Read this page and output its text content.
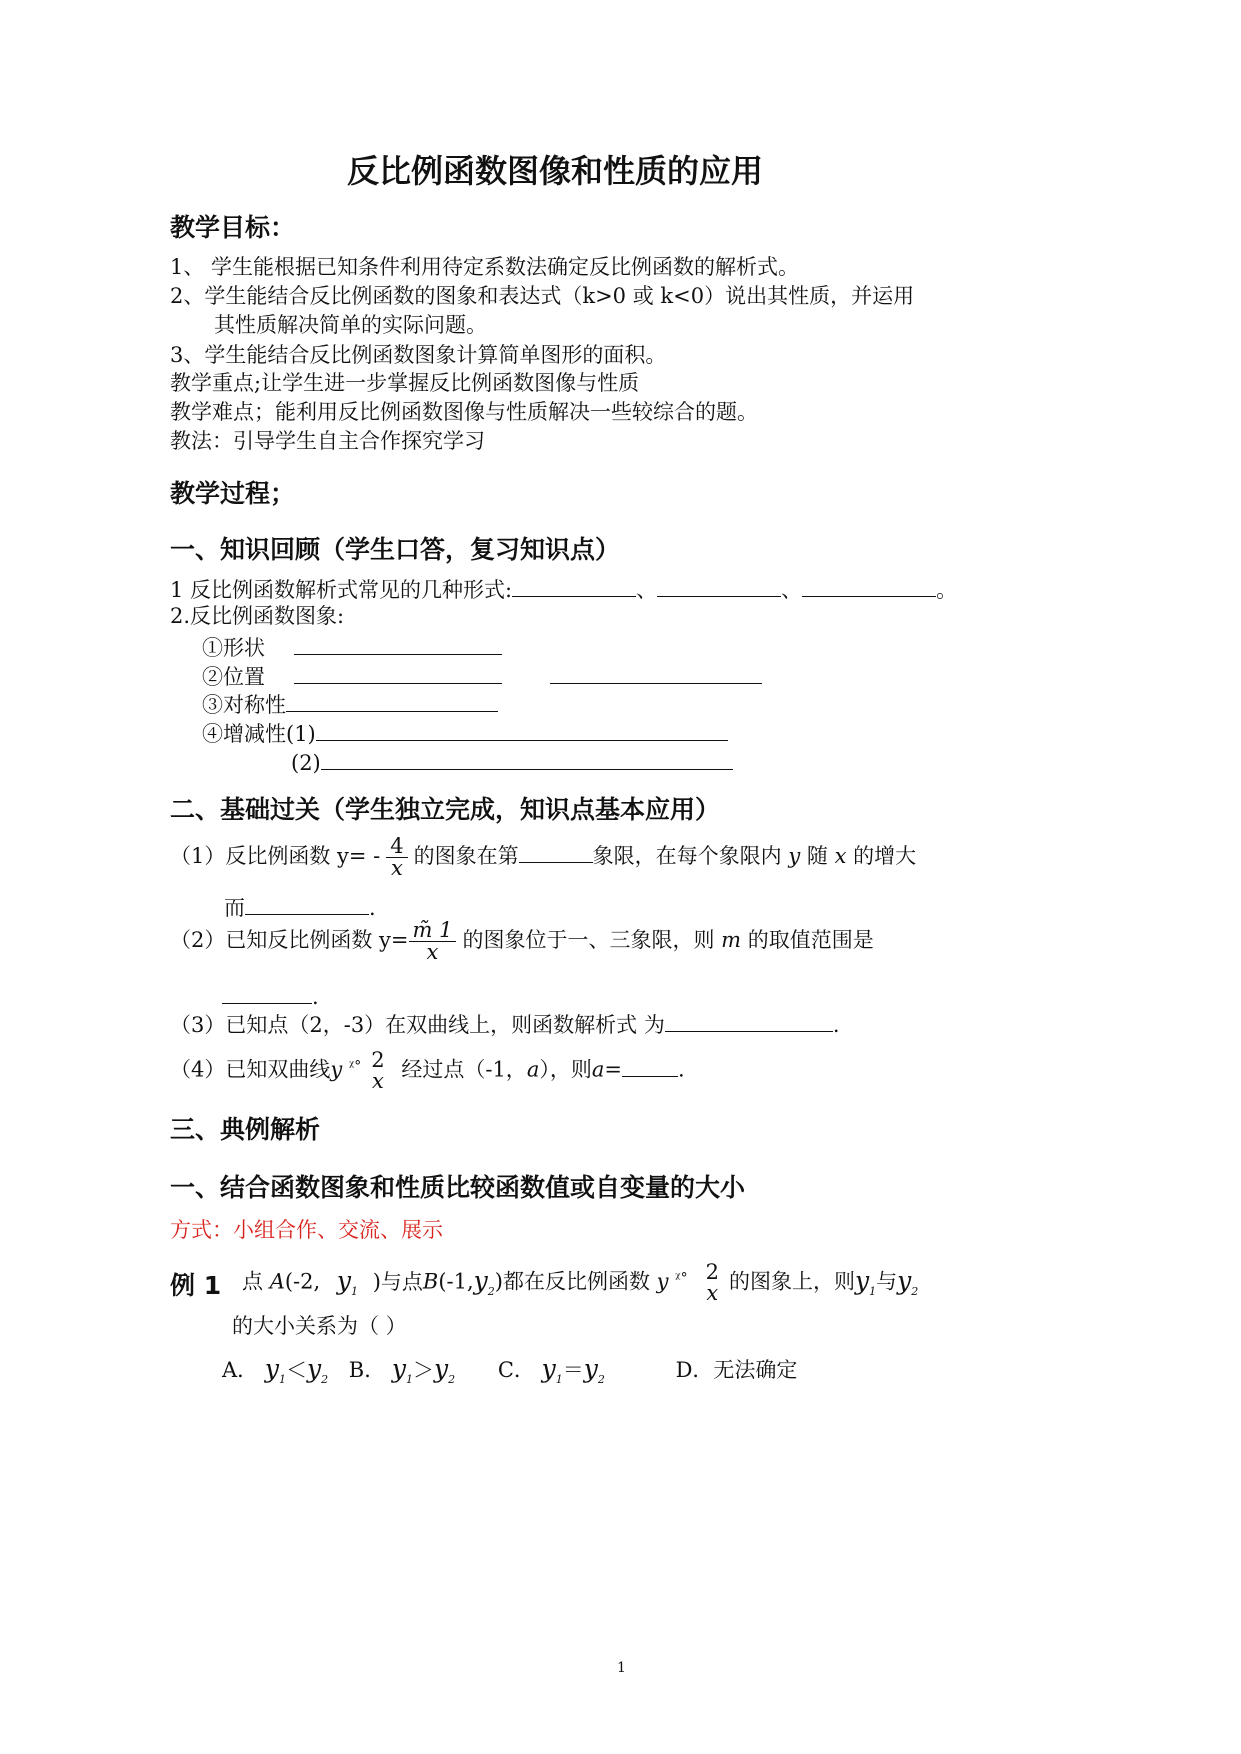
反比例函数图像和性质的应用
教学目标：
1、 学生能根据已知条件利用待定系数法确定反比例函数的解析式。
2、学生能结合反比例函数的图象和表达式（k>0 或 k<0）说出其性质，并运用
其性质解决简单的实际问题。
3、学生能结合反比例函数图象计算简单图形的面积。
教学重点;让学生进一步掌握反比例函数图像与性质
教学难点；能利用反比例函数图像与性质解决一些较综合的题。
教法：引导学生自主合作探究学习
教学过程；
一、知识回顾（学生口答，复习知识点）
1 反比例函数解析式常见的几种形式:	、	、	。
2.反比例函数图象:
①形状
②位置
③对称性
④增减性(1)
(2)
二、基础过关（学生独立完成，知识点基本应用）
（1）反比例函数 $y= - \frac{4}{x}$ 的图象在第	象限，在每个象限内 y 随 x 的增大
而	.
（2）已知反比例函数 $y= \frac{m̃ 1}{x}$ 的图象位于一、三象限，则 m 的取值范围是
.
（3）已知点（2，-3）在双曲线上，则函数解析式 为	.
（4）已知双曲线y $^{ᵡ^\circ}$ 2
x 经过点（-1，a），则a=	.
三、典例解析
一、结合函数图象和性质比较函数值或自变量的大小
方式：小组合作、交流、展示
例 1 点 A(-2, $y_1$ )与点$B(-1,y_2)$都在反比例函数 y $^{ᵡ^\circ}$ 2
x 的图象上，则$y_1$与$y_2$
的大小关系为（ ）
A． $y_1<y_2$ B． $y_1>y_2$ C． $y_1=y_2$	D．无法确定
1
